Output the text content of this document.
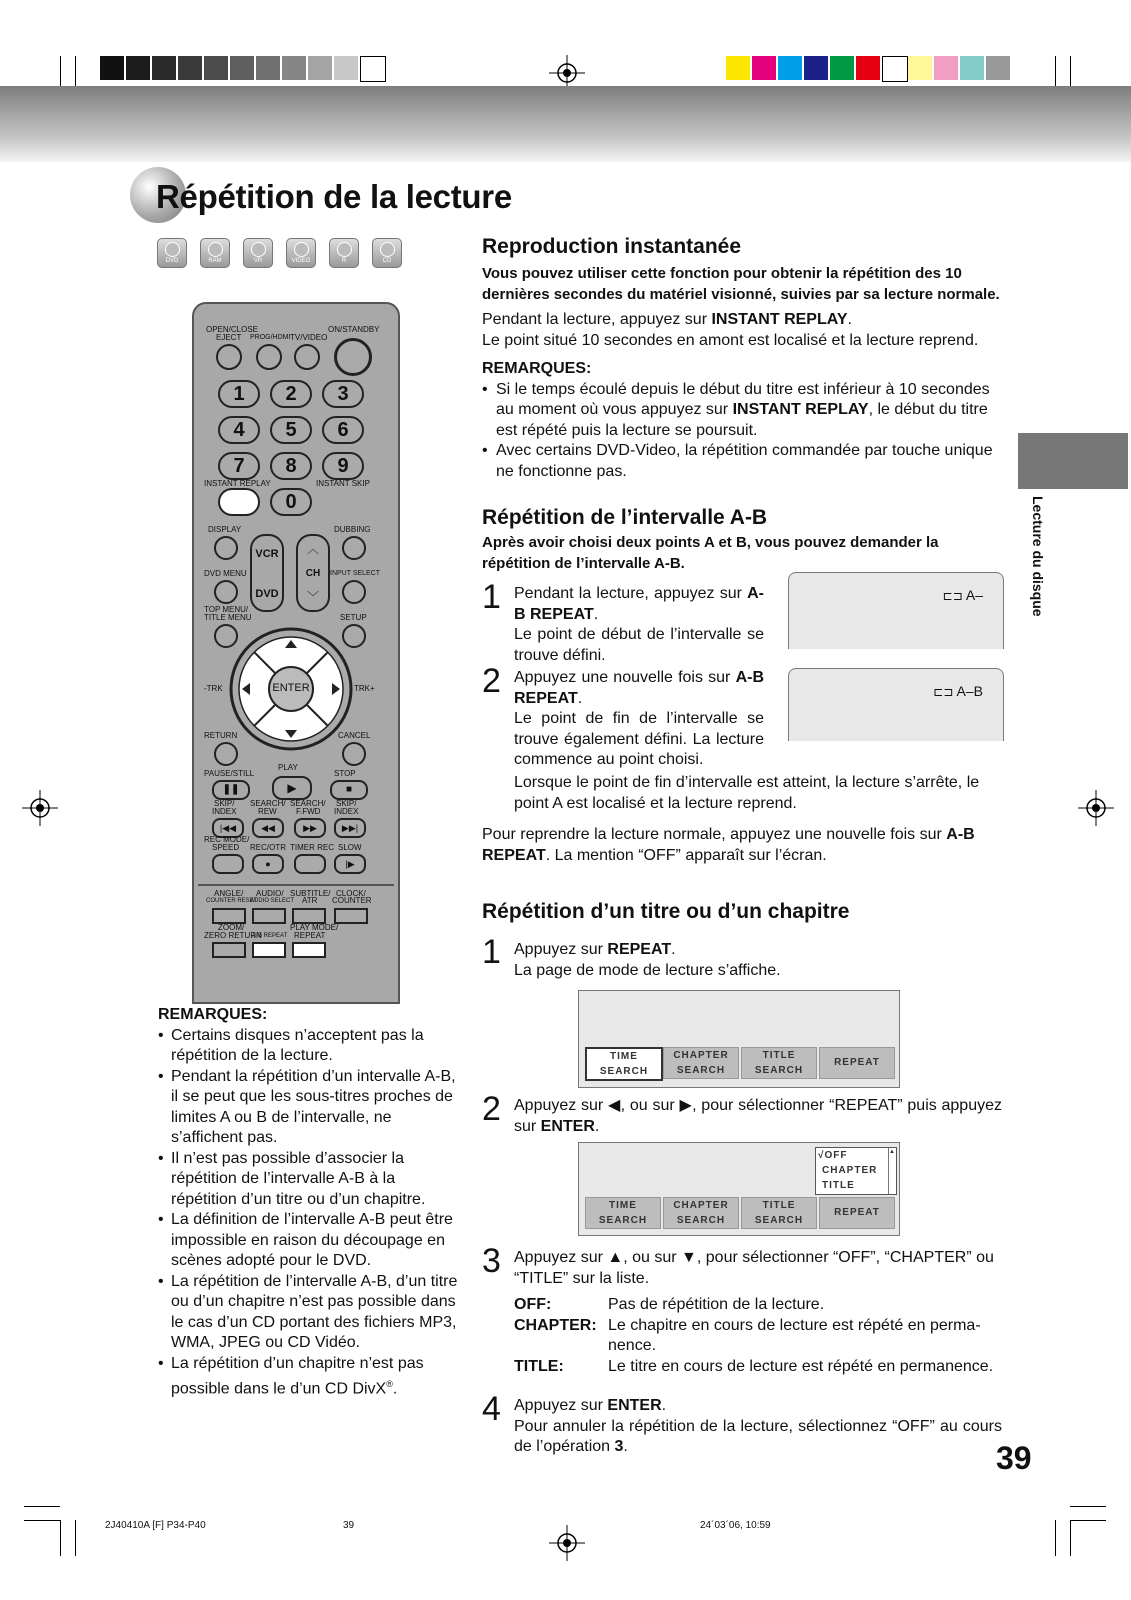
Répétition de la lecture
DVD	RAM	VR	VIDEO	R	CD
OPEN/CLOSE
EJECT PROG/HDMI TV/VIDEO
ON/STANDBY
1	2	3
4	5	6
7	8	9
INSTANT REPLAY	INSTANT SKIP
0
DISPLAY	DUBBING
VCR
DVD
︿
CH
﹀
DVD MENU	INPUT SELECT
TOP MENU/
TITLE MENU	SETUP
ENTER
-TRK	TRK+
RETURN	CANCEL
PLAY
PAUSE/STILL	STOP
❚❚	▶	■
SKIP/
INDEX
SEARCH/
REW
SEARCH/
F.FWD
SKIP/
INDEX
|◀◀	◀◀	▶▶	▶▶|
REC MODE/
SPEED REC/OTR TIMER REC SLOW
●	|▶
ANGLE/
COUNTER RESET
AUDIO/
AUDIO SELECT
SUBTITLE/
ATR
CLOCK/
COUNTER
ZOOM/
ZERO RETURN
A-B REPEAT
PLAY MODE/
REPEAT
REMARQUES:
• Certains disques n’acceptent pas la répétition de la lecture.
• Pendant la répétition d’un intervalle A-B, il se peut que les sous-titres proches de limites A ou B de l’intervalle, ne s’affichent pas.
• Il n’est pas possible d’associer la répétition de l’intervalle A-B à la répétition d’un titre ou d’un chapitre.
• La définition de l’intervalle A-B peut être impossible en raison du découpage en scènes adopté pour le DVD.
• La répétition de l’intervalle A-B, d’un titre ou d’un chapitre n’est pas possible dans le cas d’un CD portant des fichiers MP3, WMA, JPEG ou CD Vidéo.
• La répétition d’un chapitre n’est pas possible dans le d’un CD DivX®.
Reproduction instantanée
Vous pouvez utiliser cette fonction pour obtenir la répétition des 10 dernières secondes du matériel visionné, suivies par sa lecture normale.
Pendant la lecture, appuyez sur INSTANT REPLAY.
Le point situé 10 secondes en amont est localisé et la lecture reprend.
REMARQUES:
• Si le temps écoulé depuis le début du titre est inférieur à 10 secondes au moment où vous appuyez sur INSTANT REPLAY, le début du titre est répété puis la lecture se poursuit.
• Avec certains DVD-Video, la répétition commandée par touche unique ne fonctionne pas.
Répétition de l’intervalle A-B
Après avoir choisi deux points A et B, vous pouvez demander la répétition de l’intervalle A-B.
1 Pendant la lecture, appuyez sur A-B REPEAT.
Le point de début de l’intervalle se trouve défini.
⊏⊐ A–
2 Appuyez une nouvelle fois sur A-B REPEAT.
Le point de fin de l’intervalle se trouve également défini. La lecture commence au point choisi.
⊏⊐ A–B
Lorsque le point de fin d’intervalle est atteint, la lecture s’arrête, le point A est localisé et la lecture reprend.
Pour reprendre la lecture normale, appuyez une nouvelle fois sur A-B REPEAT. La mention “OFF” apparaît sur l’écran.
Répétition d’un titre ou d’un chapitre
1 Appuyez sur REPEAT.
La page de mode de lecture s’affiche.
TIME
SEARCH
CHAPTER
SEARCH
TITLE
SEARCH
REPEAT
2 Appuyez sur ◀, ou sur ▶, pour sélectionner “REPEAT” puis appuyez sur ENTER.
√OFF
CHAPTER
TITLE
▲
TIME
SEARCH
CHAPTER
SEARCH
TITLE
SEARCH
REPEAT
3 Appuyez sur ▲, ou sur ▼, pour sélectionner “OFF”, “CHAPTER” ou “TITLE” sur la liste.
OFF:	Pas de répétition de la lecture.
CHAPTER: Le chapitre en cours de lecture est répété en perma-nence.
TITLE:	Le titre en cours de lecture est répété en permanence.
4 Appuyez sur ENTER.
Pour annuler la répétition de la lecture, sélectionnez “OFF” au cours de l’opération 3.
Lecture du disque
39
2J40410A [F] P34-P40	39	24´03´06, 10:59
